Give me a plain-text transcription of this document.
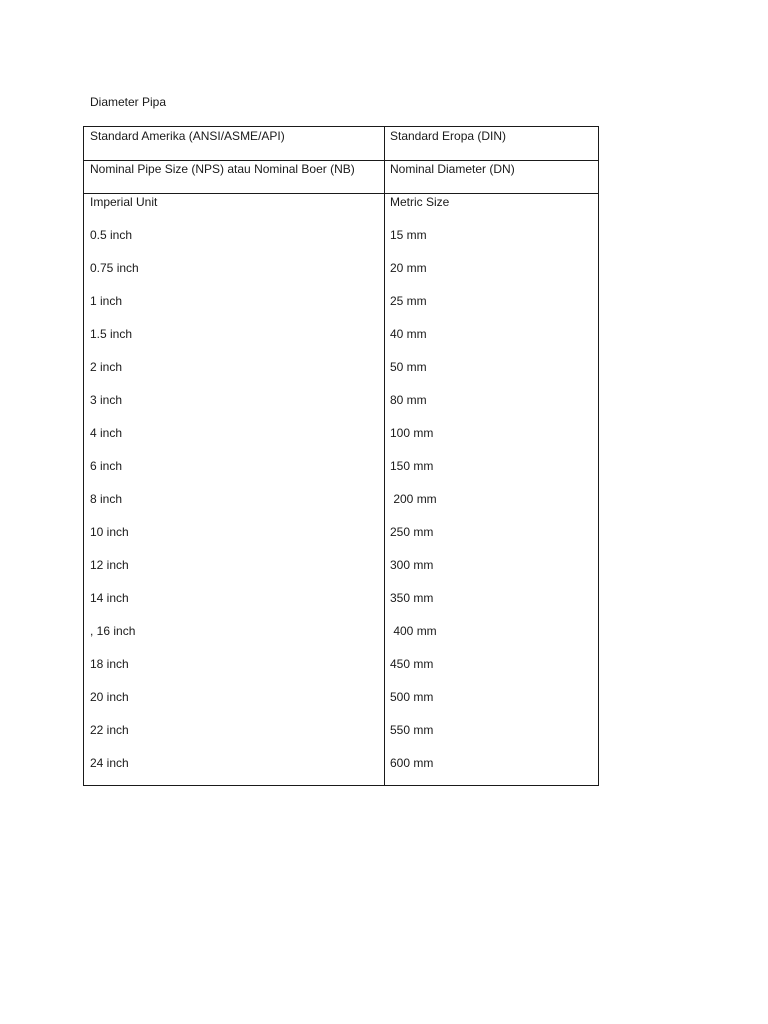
Diameter Pipa
Standard Amerika (ANSI/ASME/API)	Standard Eropa (DIN)
Nominal Pipe Size (NPS) atau Nominal Boer (NB)	Nominal Diameter (DN)
Imperial Unit	Metric Size
0.5 inch	15 mm
0.75 inch	20 mm
1 inch	25 mm
1.5 inch	40 mm
2 inch	50 mm
3 inch	80 mm
4 inch	100 mm
6 inch	150 mm
8 inch	200 mm
10 inch	250 mm
12 inch	300 mm
14 inch	350 mm
, 16 inch	400 mm
18 inch	450 mm
20 inch	500 mm
22 inch	550 mm
24 inch	600 mm
